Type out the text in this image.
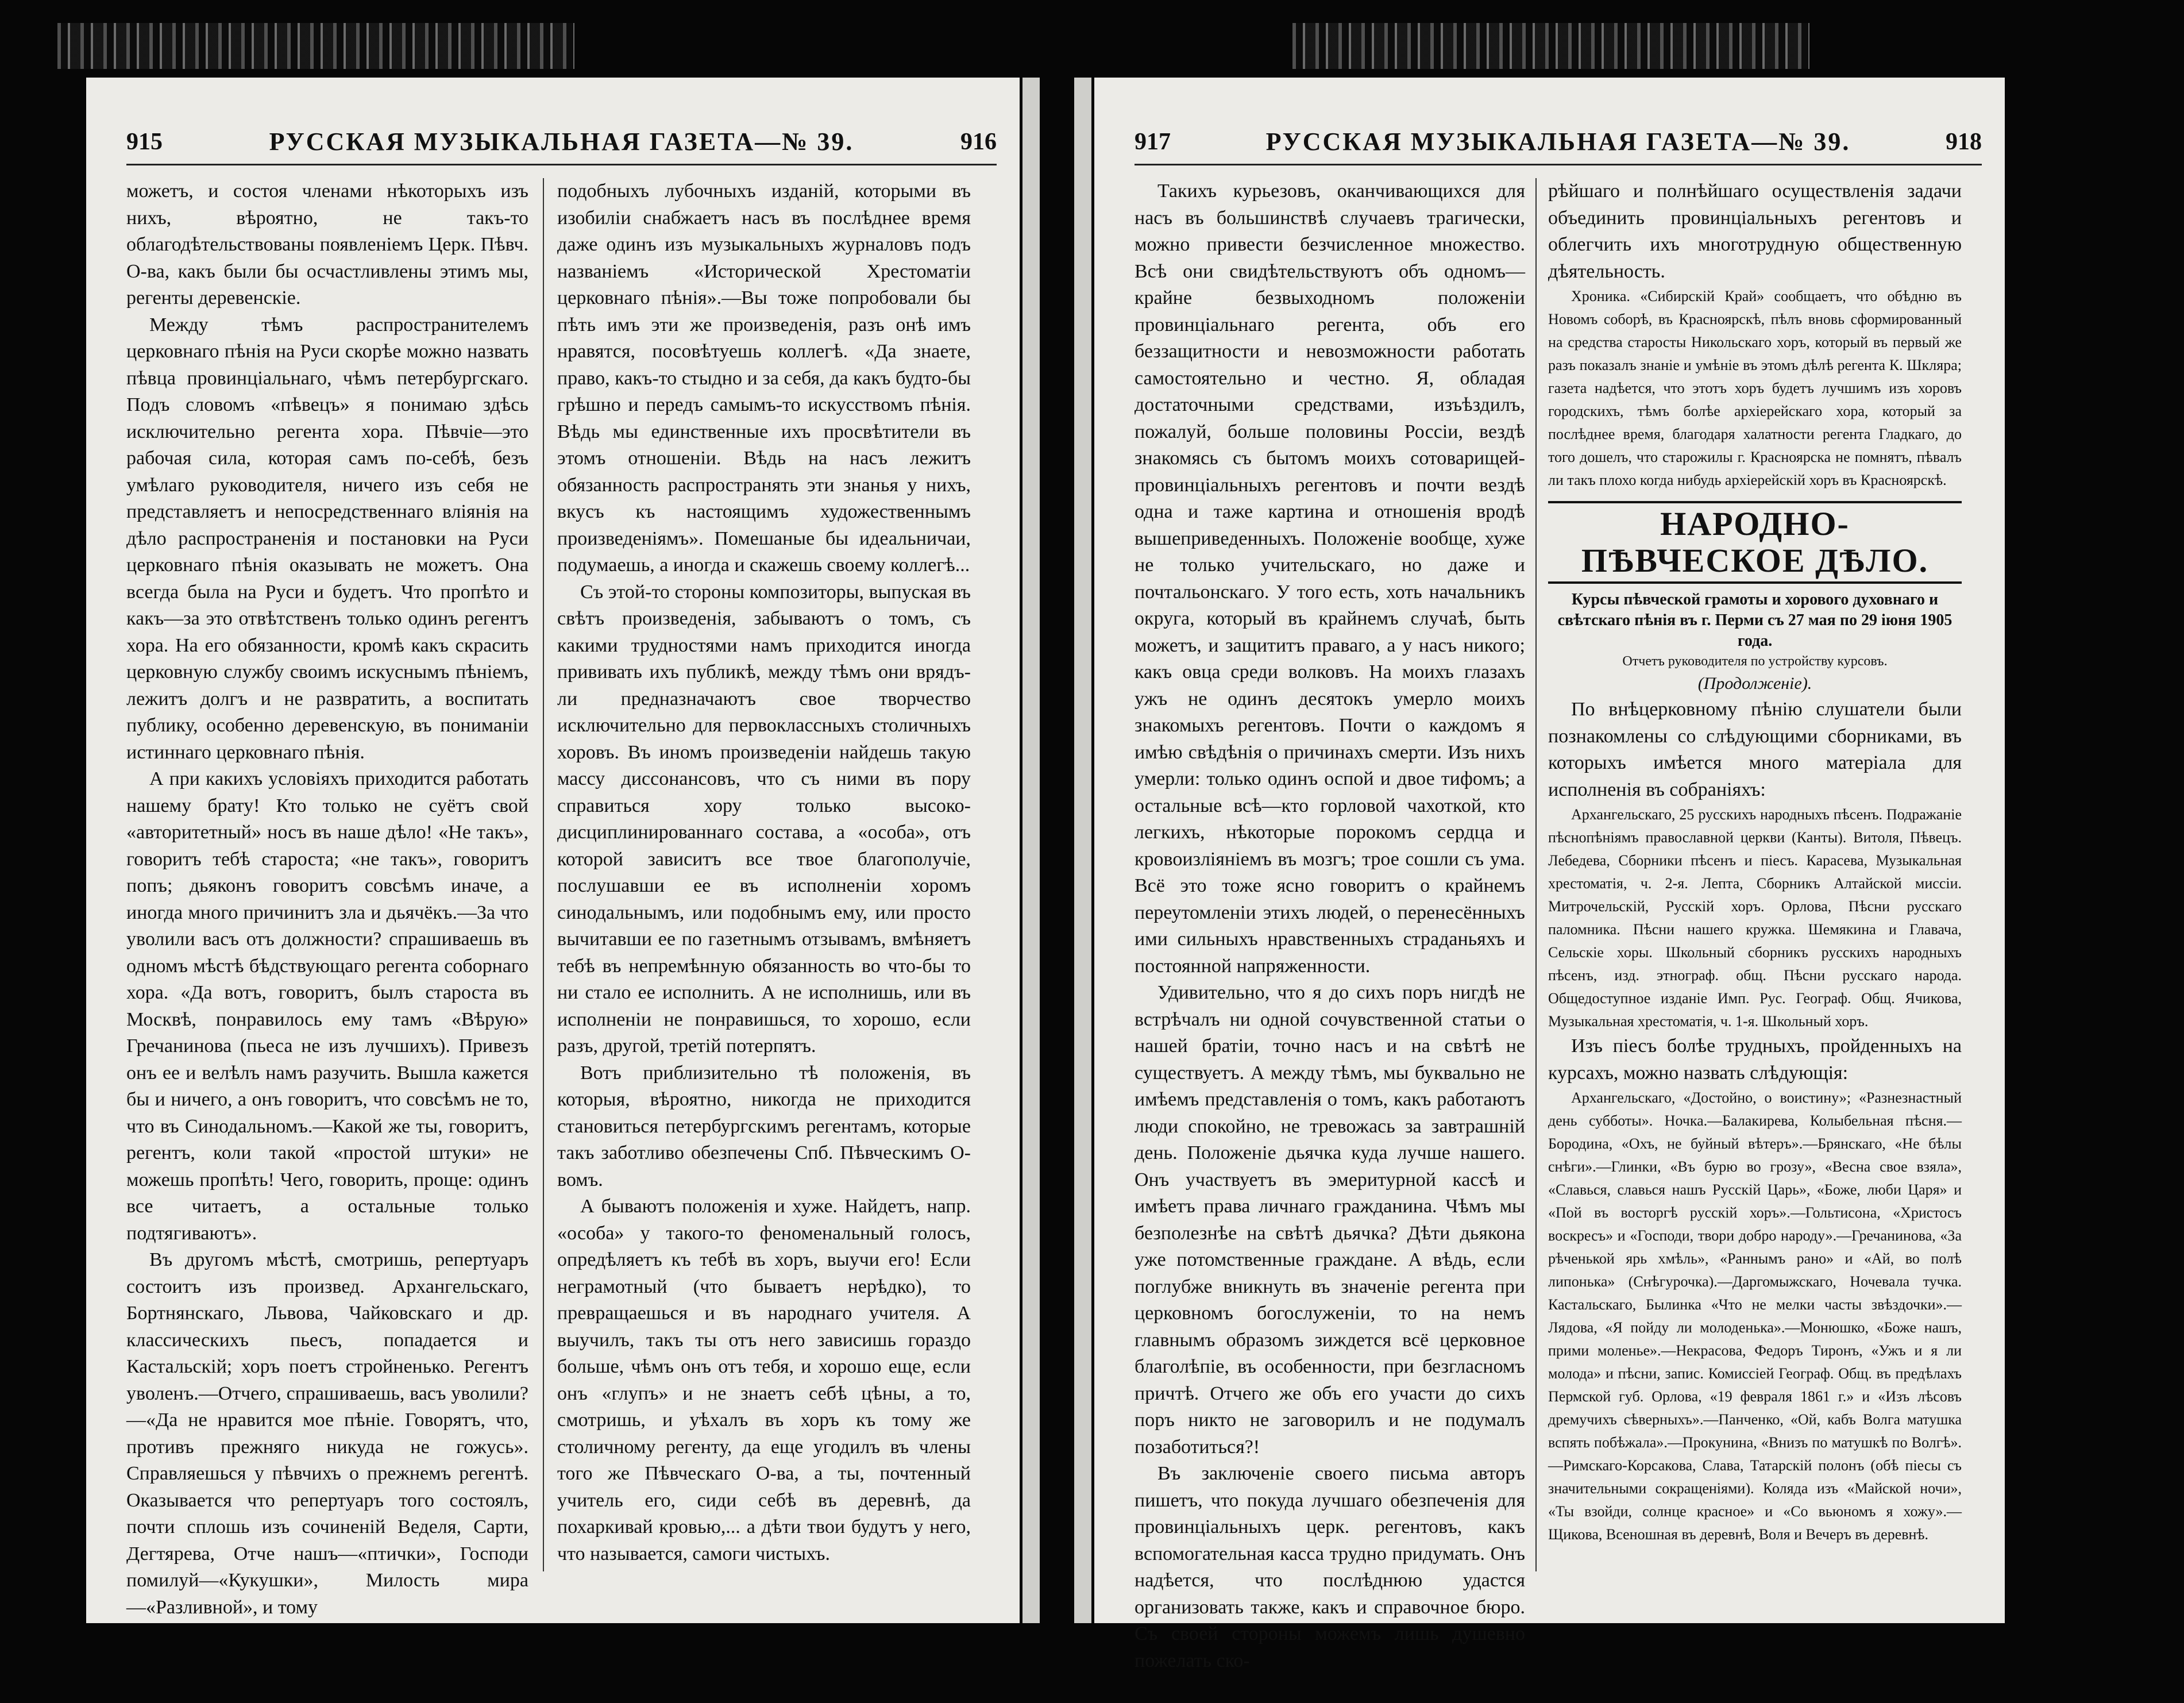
915	РУССКАЯ МУЗЫКАЛЬНАЯ ГАЗЕТА—№ 39.	916

можетъ, и состоя членами нѣкоторыхъ изъ нихъ, вѣроятно, не такъ-то облагодѣтельствованы появленіемъ Церк. Пѣвч. О-ва, какъ были бы осчастливлены этимъ мы, регенты деревенскіе.

Между тѣмъ распространителемъ церковнаго пѣнія на Руси скорѣе можно назвать пѣвца провинціальнаго, чѣмъ петербургскаго. Подъ словомъ «пѣвецъ» я понимаю здѣсь исключительно регента хора. Пѣвчіе—это рабочая сила, которая самъ по-себѣ, безъ умѣлаго руководителя, ничего изъ себя не представляетъ и непосредственнаго вліянія на дѣло распространенія и постановки на Руси церковнаго пѣнія оказывать не можетъ. Она всегда была на Руси и будетъ. Что пропѣто и какъ—за это отвѣтственъ только одинъ регентъ хора. На его обязанности, кромѣ какъ скрасить церковную службу своимъ искуснымъ пѣніемъ, лежитъ долгъ и не развратить, а воспитать публику, особенно деревенскую, въ пониманіи истиннаго церковнаго пѣнія.

А при какихъ условіяхъ приходится работать нашему брату! Кто только не суётъ свой «авторитетный» носъ въ наше дѣло! «Не такъ», говоритъ тебѣ староста; «не такъ», говоритъ попъ; дьяконъ говоритъ совсѣмъ иначе, а иногда много причинитъ зла и дьячёкъ.—За что уволили васъ отъ должности? спрашиваешь въ одномъ мѣстѣ бѣдствующаго регента соборнаго хора. «Да вотъ, говоритъ, былъ староста въ Москвѣ, понравилось ему тамъ «Вѣрую» Гречанинова (пьеса не изъ лучшихъ). Привезъ онъ ее и велѣлъ намъ разучить. Вышла кажется бы и ничего, а онъ говоритъ, что совсѣмъ не то, что въ Синодальномъ.—Какой же ты, говоритъ, регентъ, коли такой «простой штуки» не можешь пропѣть! Чего, говорить, проще: одинъ все читаетъ, а остальные только подтягиваютъ».

Въ другомъ мѣстѣ, смотришь, репертуаръ состоитъ изъ произвед. Архангельскаго, Бортнянскаго, Львова, Чайковскаго и др. классическихъ пьесъ, попадается и Кастальскій; хоръ поетъ стройненько. Регентъ уволенъ.—Отчего, спрашиваешь, васъ уволили?—«Да не нравится мое пѣніе. Говорятъ, что, противъ прежняго никуда не гожусь». Справляешься у пѣвчихъ о прежнемъ регентѣ. Оказывается что репертуаръ того состоялъ, почти сплошь изъ сочиненій Веделя, Сарти, Дегтярева, Отче нашъ—«птички», Господи помилуй—«Кукушки», Милость мира—«Разливной», и тому

подобныхъ лубочныхъ изданій, которыми въ изобиліи снабжаетъ насъ въ послѣднее время даже одинъ изъ музыкальныхъ журналовъ подъ названіемъ «Исторической Хрестоматіи церковнаго пѣнія».—Вы тоже попробовали бы пѣть имъ эти же произведенія, разъ онѣ имъ нравятся, посовѣтуешь коллегѣ. «Да знаете, право, какъ-то стыдно и за себя, да какъ будто-бы грѣшно и передъ самымъ-то искусствомъ пѣнія. Вѣдь мы единственные ихъ просвѣтители въ этомъ отношеніи. Вѣдь на насъ лежитъ обязанность распространять эти знанья у нихъ, вкусъ къ настоящимъ художественнымъ произведеніямъ». Помешаные бы идеальничаи, подумаешь, а иногда и скажешь своему коллегѣ...

Съ этой-то стороны композиторы, выпуская въ свѣтъ произведенія, забываютъ о томъ, съ какими трудностями намъ приходится иногда прививать ихъ публикѣ, между тѣмъ они врядъ-ли предназначаютъ свое творчество исключительно для первоклассныхъ столичныхъ хоровъ. Въ иномъ произведеніи найдешь такую массу диссонансовъ, что съ ними въ пору справиться хору только высоко-дисциплинированнаго состава, а «особа», отъ которой зависитъ все твое благополучіе, послушавши ее въ исполненіи хоромъ синодальнымъ, или подобнымъ ему, или просто вычитавши ее по газетнымъ отзывамъ, вмѣняетъ тебѣ въ непремѣнную обязанность во что-бы то ни стало ее исполнить. А не исполнишь, или въ исполненіи не понравишься, то хорошо, если разъ, другой, третій потерпятъ.

Вотъ приблизительно тѣ положенія, въ которыя, вѣроятно, никогда не приходится становиться петербургскимъ регентамъ, которые такъ заботливо обезпечены Спб. Пѣвческимъ О-вомъ.

А бываютъ положенія и хуже. Найдетъ, напр. «особа» у такого-то феноменальный голосъ, опредѣляетъ къ тебѣ въ хоръ, выучи его! Если неграмотный (что бываетъ нерѣдко), то превращаешься и въ народнаго учителя. А выучилъ, такъ ты отъ него зависишь гораздо больше, чѣмъ онъ отъ тебя, и хорошо еще, если онъ «глупъ» и не знаетъ себѣ цѣны, а то, смотришь, и уѣхалъ въ хоръ къ тому же столичному регенту, да еще угодилъ въ члены того же Пѣвческаго О-ва, а ты, почтенный учитель его, сиди себѣ въ деревнѣ, да похаркивай кровью,... а дѣти твои будутъ у него, что называется, самоги чистыхъ.

917	РУССКАЯ МУЗЫКАЛЬНАЯ ГАЗЕТА—№ 39.	918

Такихъ курьезовъ, оканчивающихся для насъ въ большинствѣ случаевъ трагически, можно привести безчисленное множество. Всѣ они свидѣтельствуютъ объ одномъ—крайне безвыходномъ положеніи провинціальнаго регента, объ его беззащитности и невозможности работать самостоятельно и честно. Я, обладая достаточными средствами, изъѣздилъ, пожалуй, больше половины Россіи, вездѣ знакомясь съ бытомъ моихъ сотоварищей-провинціальныхъ регентовъ и почти вездѣ одна и таже картина и отношенія вродѣ вышеприведенныхъ. Положеніе вообще, хуже не только учительскаго, но даже и почтальонскаго. У того есть, хоть начальникъ округа, который въ крайнемъ случаѣ, быть можетъ, и защититъ праваго, а у насъ никого; какъ овца среди волковъ. На моихъ глазахъ ужъ не одинъ десятокъ умерло моихъ знакомыхъ регентовъ. Почти о каждомъ я имѣю свѣдѣнія о причинахъ смерти. Изъ нихъ умерли: только одинъ оспой и двое тифомъ; а остальные всѣ—кто горловой чахоткой, кто легкихъ, нѣкоторые порокомъ сердца и кровоизліяніемъ въ мозгъ; трое сошли съ ума. Всё это тоже ясно говоритъ о крайнемъ переутомленіи этихъ людей, о перенесённыхъ ими сильныхъ нравственныхъ страданьяхъ и постоянной напряженности.

Удивительно, что я до сихъ поръ нигдѣ не встрѣчалъ ни одной сочувственной статьи о нашей братіи, точно насъ и на свѣтѣ не существуетъ. А между тѣмъ, мы буквально не имѣемъ представленія о томъ, какъ работаютъ люди спокойно, не тревожась за завтрашній день. Положеніе дьячка куда лучше нашего. Онъ участвуетъ въ эмеритурной кассѣ и имѣетъ права личнаго гражданина. Чѣмъ мы безполезнѣе на свѣтѣ дьячка? Дѣти дьякона уже потомственные граждане. А вѣдь, если поглубже вникнуть въ значеніе регента при церковномъ богослуженіи, то на немъ главнымъ образомъ зиждется всё церковное благолѣпіе, въ особенности, при безгласномъ причтѣ. Отчего же объ его участи до сихъ поръ никто не заговорилъ и не подумалъ позаботиться?!

Въ заключеніе своего письма авторъ пишетъ, что покуда лучшаго обезпеченія для провинціальныхъ церк. регентовъ, какъ вспомогательная касса трудно придумать. Онъ надѣется, что послѣднюю удастся организовать также, какъ и справочное бюро. Съ своей стороны можемъ лишь душевно пожелать ско-

рѣйшаго и полнѣйшаго осуществленія задачи объединить провинціальныхъ регентовъ и облегчить ихъ многотрудную общественную дѣятельность.

Хроника. «Сибирскій Край» сообщаетъ, что обѣдню въ Новомъ соборѣ, въ Красноярскѣ, пѣлъ вновь сформированный на средства старосты Никольскаго хоръ, который въ первый же разъ показалъ знаніе и умѣніе въ этомъ дѣлѣ регента К. Шкляра; газета надѣется, что этотъ хоръ будетъ лучшимъ изъ хоровъ городскихъ, тѣмъ болѣе архіерейскаго хора, который за послѣднее время, благодаря халатности регента Гладкаго, до того дошелъ, что старожилы г. Красноярска не помнятъ, пѣвалъ ли такъ плохо когда нибудь архіерейскій хоръ въ Красноярскѣ.

НАРОДНО-ПѢВЧЕСКОЕ ДѢЛО.
Курсы пѣвческой грамоты и хорового духовнаго и свѣтскаго пѣнія въ г. Перми съ 27 мая по 29 іюня 1905 года.
Отчетъ руководителя по устройству курсовъ.
(Продолженіе).

По внѣцерковному пѣнію слушатели были познакомлены со слѣдующими сборниками, въ которыхъ имѣется много матеріала для исполненія въ собраніяхъ:

Архангельскаго, 25 русскихъ народныхъ пѣсенъ. Подражаніе пѣснопѣніямъ православной церкви (Канты). Витоля, Пѣвецъ. Лебедева, Сборники пѣсенъ и піесъ. Карасева, Музыкальная хрестоматія, ч. 2-я. Лепта, Сборникъ Алтайской миссіи. Митрочельскій, Русскій хоръ. Орлова, Пѣсни русскаго паломника. Пѣсни нашего кружка. Шемякина и Главача, Сельскіе хоры. Школьный сборникъ русскихъ народныхъ пѣсенъ, изд. этнограф. общ. Пѣсни русскаго народа. Общедоступное изданіе Имп. Рус. Географ. Общ. Ячикова, Музыкальная хрестоматія, ч. 1-я. Школьный хоръ.

Изъ піесъ болѣе трудныхъ, пройденныхъ на курсахъ, можно назвать слѣдующія:

Архангельскаго, «Достойно, о воистину»; «Разнезнастный день субботы». Ночка.—Балакирева, Колыбельная пѣсня.—Бородина, «Охъ, не буйный вѣтеръ».—Брянскаго, «Не бѣлы снѣги».—Глинки, «Въ бурю во грозу», «Весна свое взяла», «Славься, славься нашъ Русскій Царь», «Боже, люби Царя» и «Пой въ восторгѣ русскій хоръ».—Гольтисона, «Христосъ воскресъ» и «Господи, твори добро народу».—Гречанинова, «За рѣченькой ярь хмѣль», «Раннымъ рано» и «Ай, во полѣ липонька» (Снѣгурочка).—Даргомыжскаго, Ночевала тучка. Кастальскаго, Былинка «Что не мелки часты звѣздочки».—Лядова, «Я пойду ли молоденька».—Монюшко, «Боже нашъ, прими моленье».—Некрасова, Федоръ Тиронъ, «Ужъ и я ли молода» и пѣсни, запис. Комиссіей Географ. Общ. въ предѣлахъ Пермской губ. Орлова, «19 февраля 1861 г.» и «Изъ лѣсовъ дремучихъ сѣверныхъ».—Панченко, «Ой, кабъ Волга матушка вспять побѣжала».—Прокунина, «Внизъ по матушкѣ по Волгѣ».—Римскаго-Корсакова, Слава, Татарскій полонъ (обѣ піесы съ значительными сокращеніями). Коляда изъ «Майской ночи», «Ты взойди, солнце красное» и «Со вьюномъ я хожу».—Щикова, Всеношная въ деревнѣ, Воля и Вечеръ въ деревнѣ.
